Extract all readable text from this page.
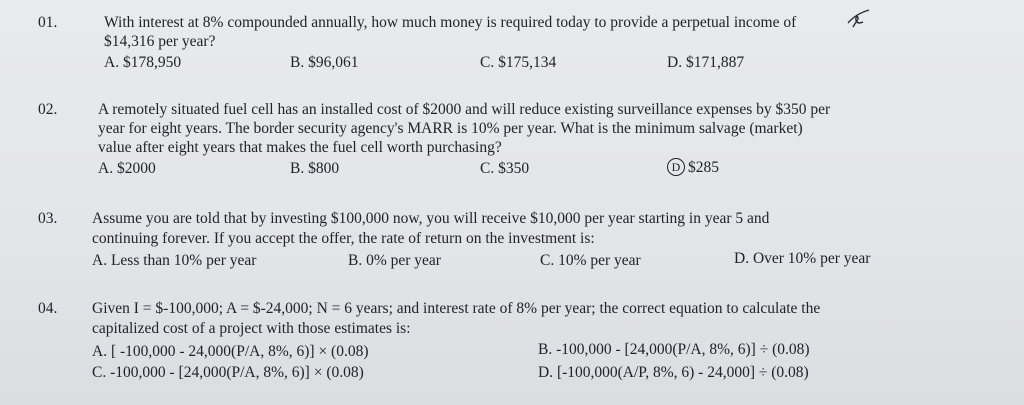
01.	With interest at 8% compounded annually, how much money is required today to provide a perpetual income of
$14,316 per year?
A. $178,950	B. $96,061	C. $175,134	D. $171,887
02.	A remotely situated fuel cell has an installed cost of $2000 and will reduce existing surveillance expenses by $350 per
year for eight years. The border security agency's MARR is 10% per year. What is the minimum salvage (market)
value after eight years that makes the fuel cell worth purchasing?
A. $2000	B. $800	C. $350	D $285
03. Assume you are told that by investing $100,000 now, you will receive $10,000 per year starting in year 5 and
continuing forever. If you accept the offer, the rate of return on the investment is:
A. Less than 10% per year	B. 0% per year	C. 10% per year	D. Over 10% per year
04. Given I = $-100,000; A = $-24,000; N = 6 years; and interest rate of 8% per year; the correct equation to calculate the
capitalized cost of a project with those estimates is:
A. [ -100,000 - 24,000(P/A, 8%, 6)] × (0.08)	B. -100,000 - [24,000(P/A, 8%, 6)] ÷ (0.08)
C. -100,000 - [24,000(P/A, 8%, 6)] × (0.08)	D. [-100,000(A/P, 8%, 6) - 24,000] ÷ (0.08)
